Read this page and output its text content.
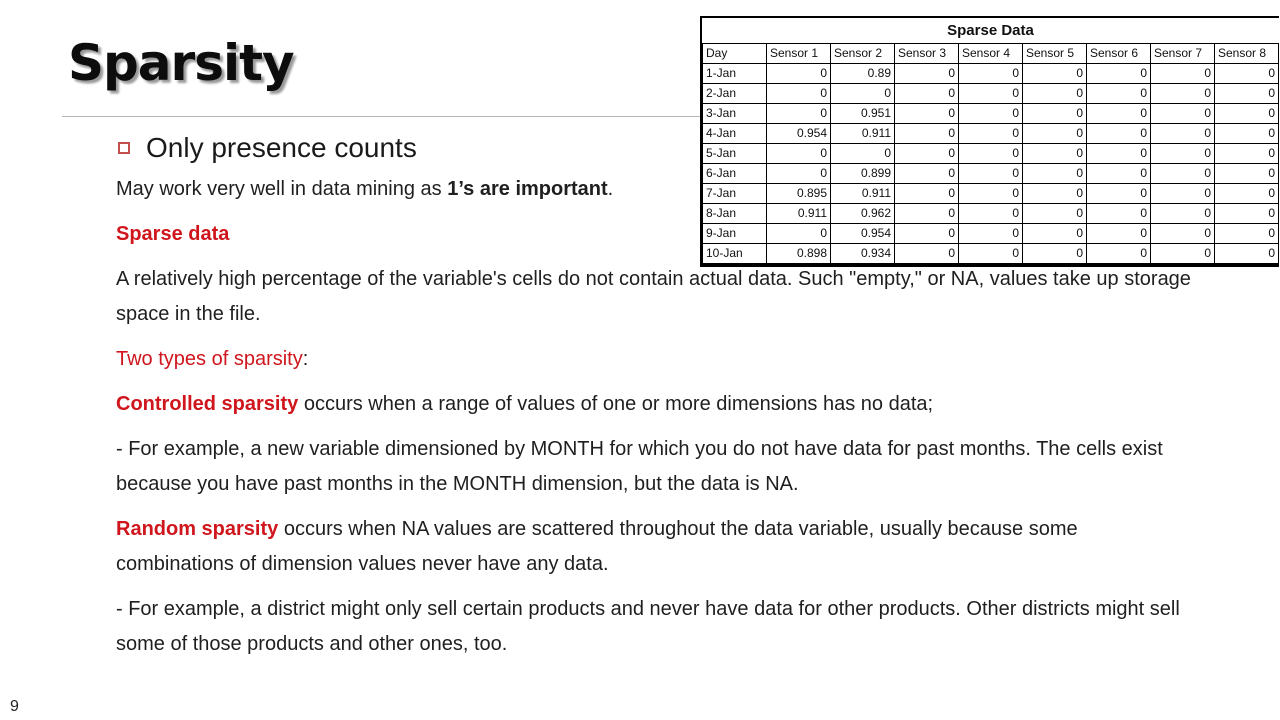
Sparsity
Sparse Data								
Day	Sensor 1	Sensor 2	Sensor 3	Sensor 4	Sensor 5	Sensor 6	Sensor 7	Sensor 8
1-Jan	0	0.89	0	0	0	0	0	0
2-Jan	0	0	0	0	0	0	0	0
3-Jan	0	0.951	0	0	0	0	0	0
4-Jan	0.954	0.911	0	0	0	0	0	0
5-Jan	0	0	0	0	0	0	0	0
6-Jan	0	0.899	0	0	0	0	0	0
7-Jan	0.895	0.911	0	0	0	0	0	0
8-Jan	0.911	0.962	0	0	0	0	0	0
9-Jan	0	0.954	0	0	0	0	0	0
10-Jan	0.898	0.934	0	0	0	0	0	0
Only presence counts

May work very well in data mining as 1’s are important.

Sparse data

A relatively high percentage of the variable's cells do not contain actual data. Such "empty," or NA, values take up storage space in the file.

Two types of sparsity:

Controlled sparsity occurs when a range of values of one or more dimensions has no data;

- For example, a new variable dimensioned by MONTH for which you do not have data for past months. The cells exist because you have past months in the MONTH dimension, but the data is NA.

Random sparsity occurs when NA values are scattered throughout the data variable, usually because some combinations of dimension values never have any data.

- For example, a district might only sell certain products and never have data for other products. Other districts might sell some of those products and other ones, too.

9
